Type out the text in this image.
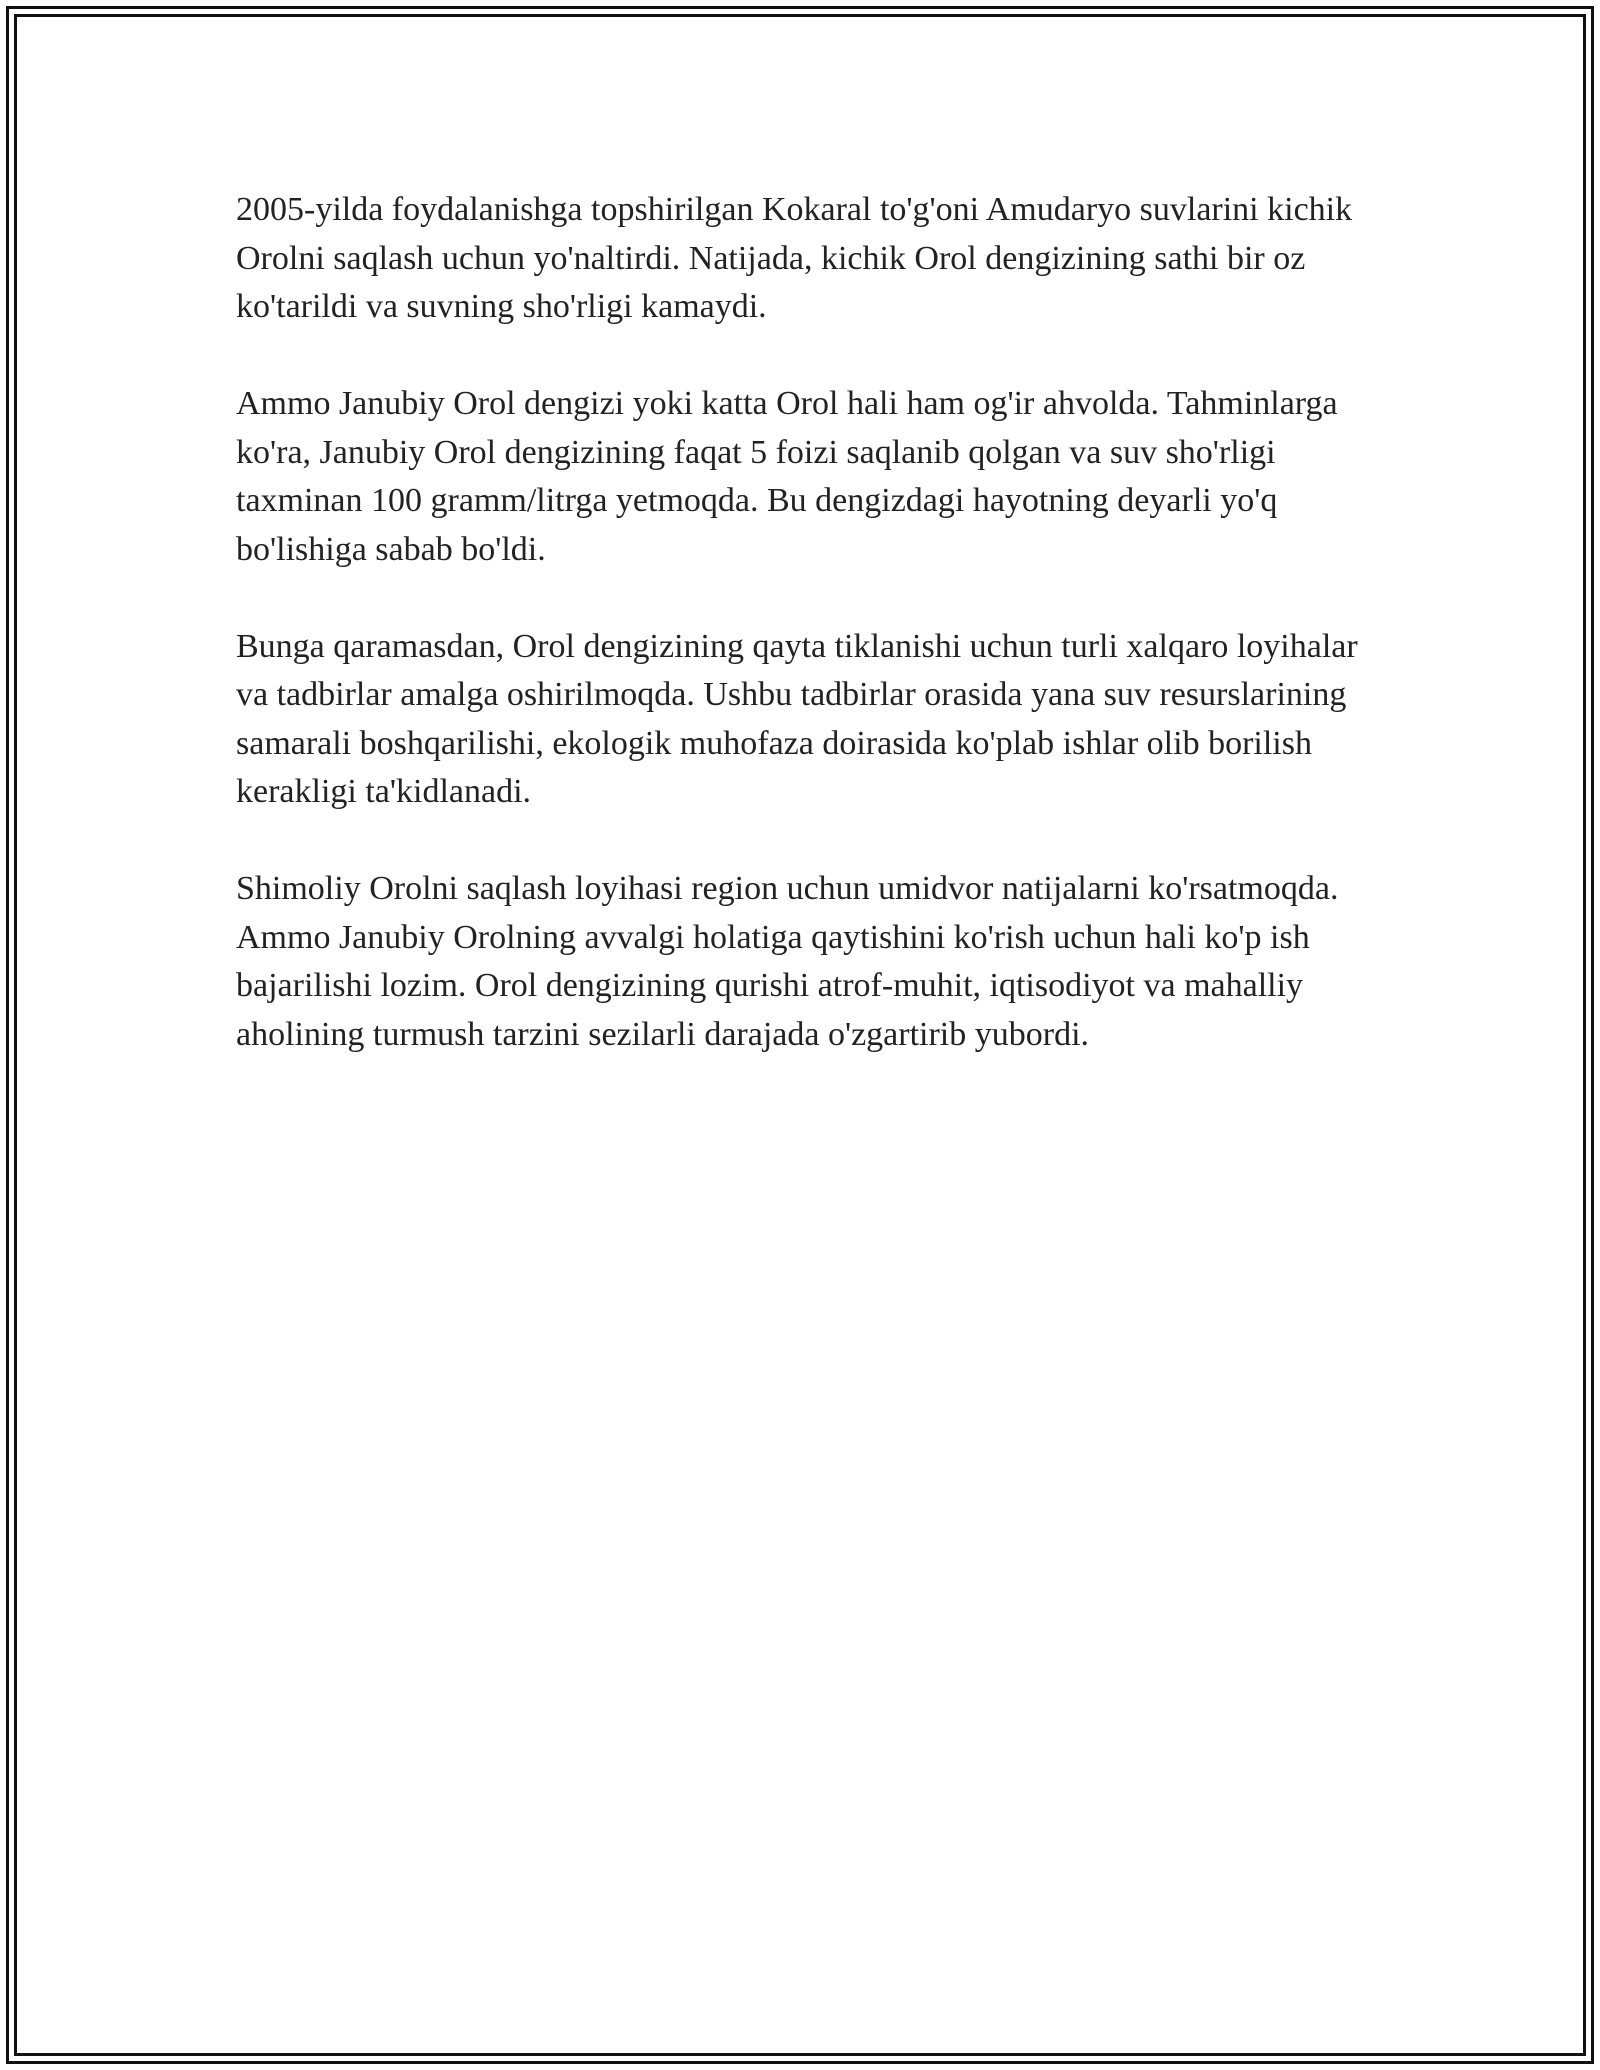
2005-yilda foydalanishga topshirilgan Kokaral to'g'oni Amudaryo suvlarini kichik Orolni saqlash uchun yo'naltirdi. Natijada, kichik Orol dengizining sathi bir oz ko'tarildi va suvning sho'rligi kamaydi.

Ammo Janubiy Orol dengizi yoki katta Orol hali ham og'ir ahvolda. Tahminlarga ko'ra, Janubiy Orol dengizining faqat 5 foizi saqlanib qolgan va suv sho'rligi taxminan 100 gramm/litrga yetmoqda. Bu dengizdagi hayotning deyarli yo'q bo'lishiga sabab bo'ldi.

Bunga qaramasdan, Orol dengizining qayta tiklanishi uchun turli xalqaro loyihalar va tadbirlar amalga oshirilmoqda. Ushbu tadbirlar orasida yana suv resurslarining samarali boshqarilishi, ekologik muhofaza doirasida ko'plab ishlar olib borilish kerakligi ta'kidlanadi.

Shimoliy Orolni saqlash loyihasi region uchun umidvor natijalarni ko'rsatmoqda. Ammo Janubiy Orolning avvalgi holatiga qaytishini ko'rish uchun hali ko'p ish bajarilishi lozim. Orol dengizining qurishi atrof-muhit, iqtisodiyot va mahalliy aholining turmush tarzini sezilarli darajada o'zgartirib yubordi.
